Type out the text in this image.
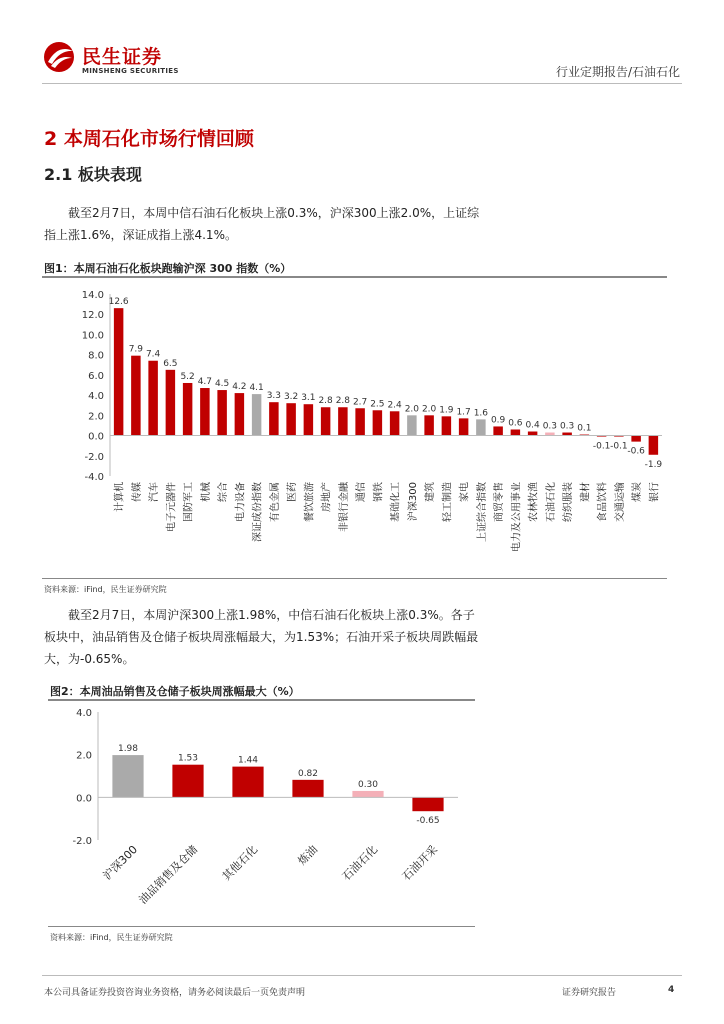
民生证券
MINSHENG SECURITIES	行业定期报告/石油石化
2 本周石化市场行情回顾
2.1 板块表现

截至2月7日，本周中信石油石化板块上涨0.3%，沪深300上涨2.0%，上证综指上涨1.6%，深证成指上涨4.1%。

图1：本周石油石化板块跑输沪深 300 指数（%）
14.0
12.0
10.0
8.0
6.0
4.0
2.0
0.0
-2.0
-4.0
12.6
计算机
7.9
传媒
7.4
汽车
6.5
电子元器件
5.2
国防军工
4.7
机械
4.5
综合
4.2
电力设备
4.1
深证成份指数
3.3
有色金属
3.2
医药
3.1
餐饮旅游
2.8
房地产
2.8
非银行金融
2.7
通信
2.5
钢铁
2.4
基础化工
2.0
沪深300
2.0
建筑
1.9
轻工制造
1.7
家电
1.6
上证综合指数
0.9
商贸零售
0.6
电力及公用事业
0.4
农林牧渔
0.3
石油石化
0.3
纺织服装
0.1
建材
-0.1
食品饮料
-0.1
交通运输
-0.6
煤炭
-1.9
银行
资料来源：iFind，民生证券研究院

截至2月7日，本周沪深300上涨1.98%，中信石油石化板块上涨0.3%。各子板块中，油品销售及仓储子板块周涨幅最大，为1.53%；石油开采子板块周跌幅最大，为-0.65%。

图2：本周油品销售及仓储子板块周涨幅最大（%）
4.0
2.0
0.0
-2.0
1.98
沪深300
1.53
油品销售及仓储
1.44
其他石化
0.82
炼油
0.30
石油石化
-0.65
石油开采
资料来源：iFind，民生证券研究院
本公司具备证券投资咨询业务资格，请务必阅读最后一页免责声明	证券研究报告	4
